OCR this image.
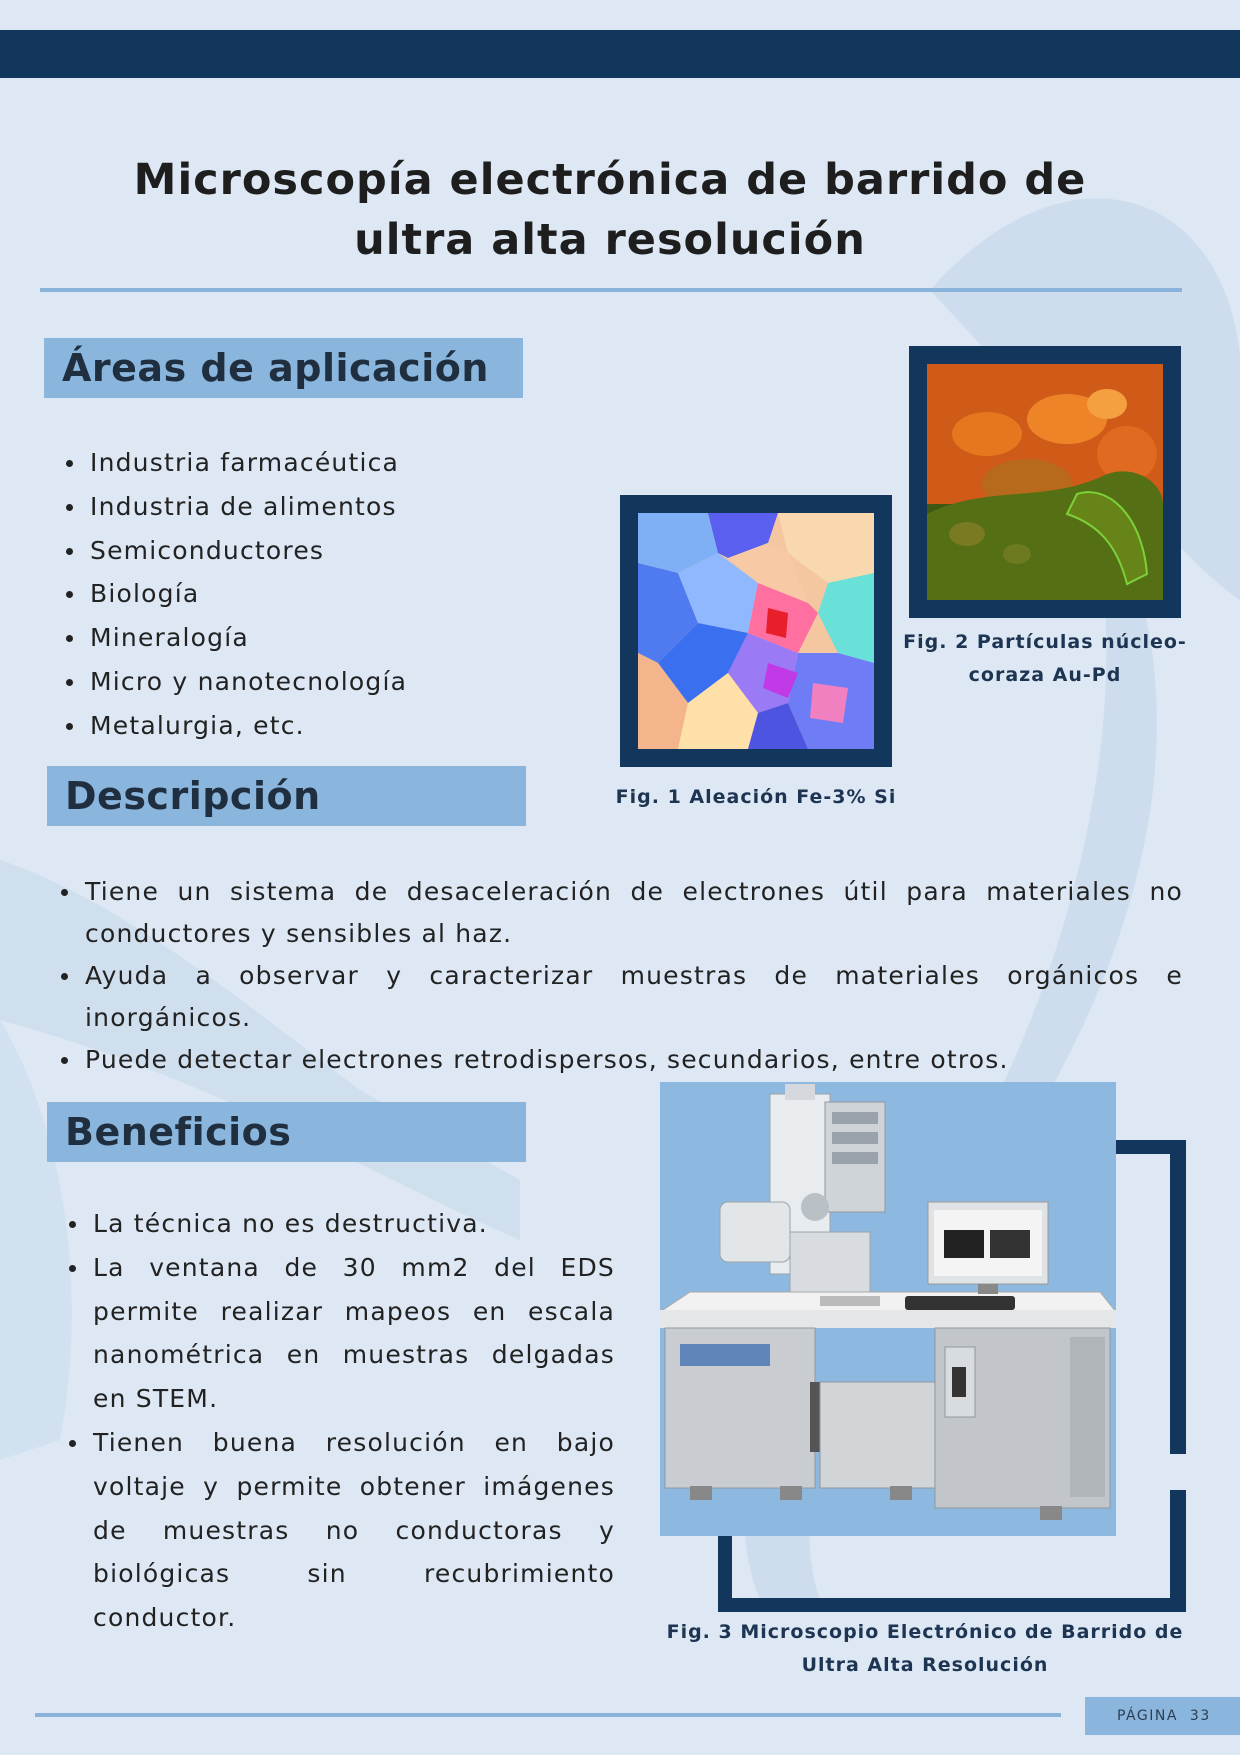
Microscopía electrónica de barrido de
ultra alta resolución
Áreas de aplicación
Industria farmacéutica
Industria de alimentos
Semiconductores
Biología
Mineralogía
Micro y nanotecnología
Metalurgia, etc.
Fig. 1 Aleación Fe-3% Si
Fig. 2 Partículas núcleo-
coraza Au-Pd
Descripción
Tiene un sistema de desaceleración de electrones útil para materiales no conductores y sensibles al haz.
Ayuda a observar y caracterizar muestras de materiales orgánicos e inorgánicos.
Puede detectar electrones retrodispersos, secundarios, entre otros.
Beneficios
La técnica no es destructiva.
La ventana de 30 mm2 del EDS permite realizar mapeos en escala nanométrica en muestras delgadas en STEM.
Tienen buena resolución en bajo voltaje y permite obtener imágenes de muestras no conductoras y biológicas sin recubrimiento conductor.	Fig. 3 Microscopio Electrónico de Barrido de
Ultra Alta Resolución
PÁGINA 33
